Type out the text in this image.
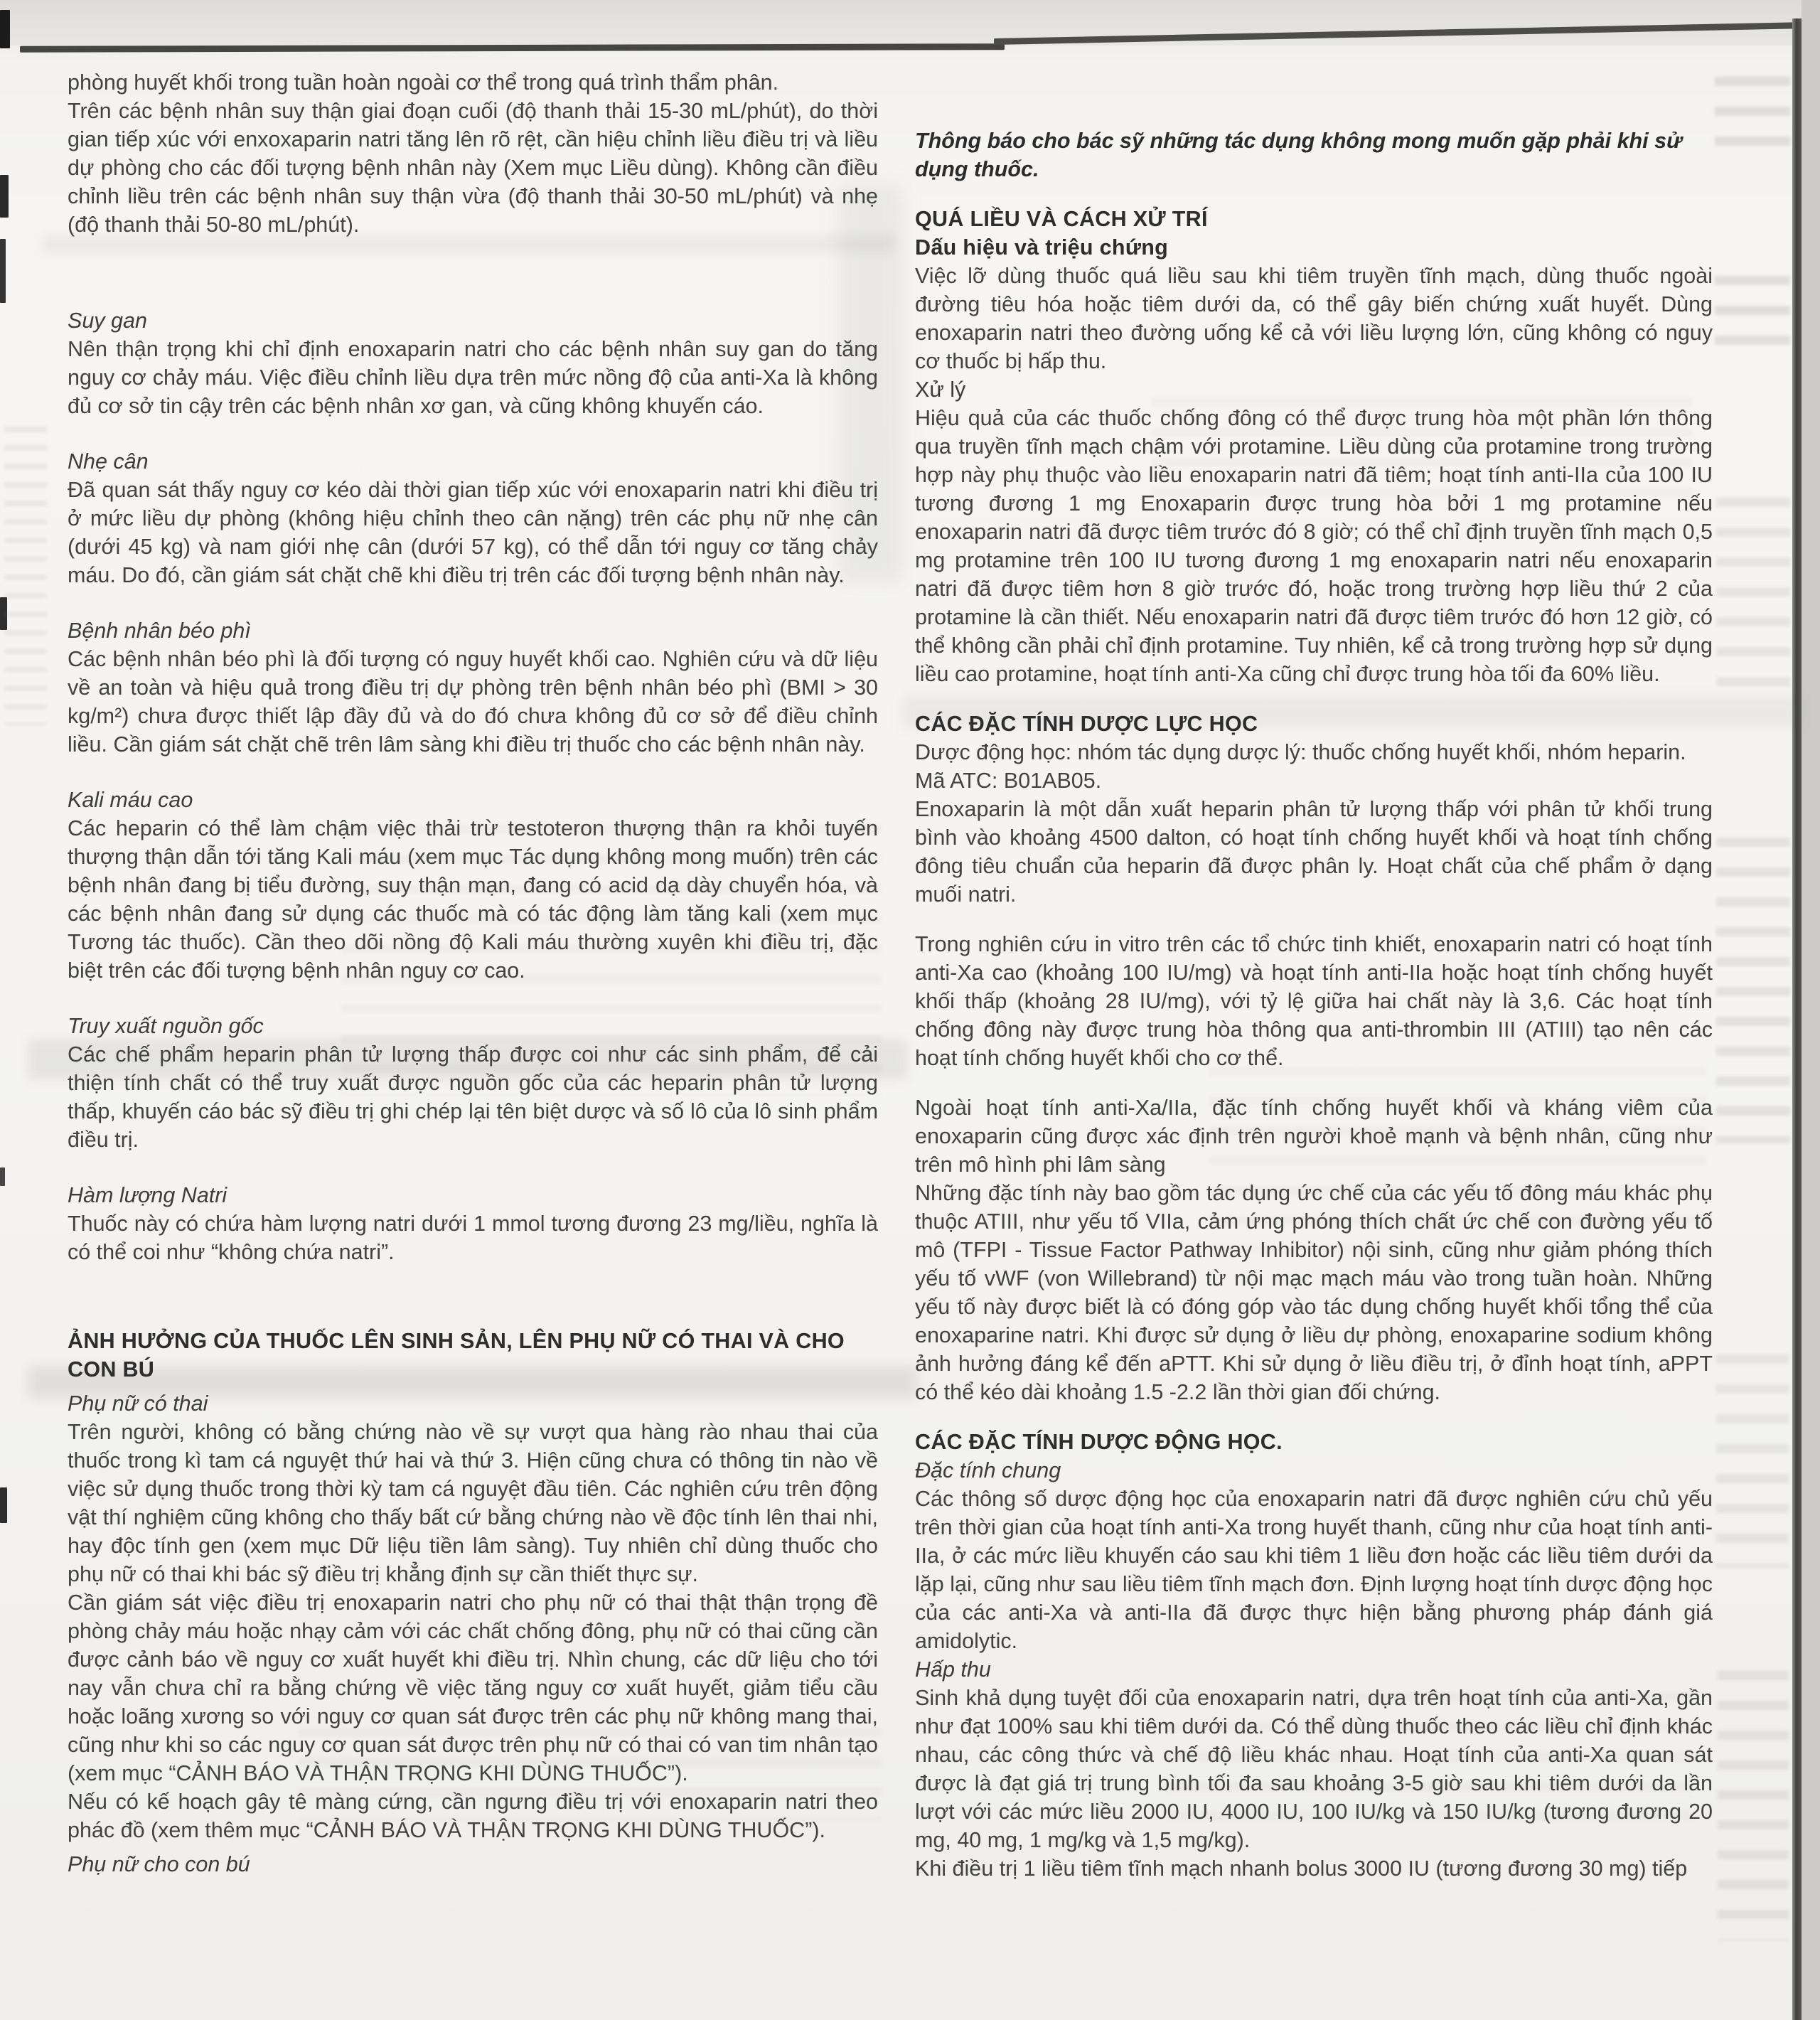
phòng huyết khối trong tuần hoàn ngoài cơ thể trong quá trình thẩm phân.
Trên các bệnh nhân suy thận giai đoạn cuối (độ thanh thải 15-30 mL/phút), do thời gian tiếp xúc với enxoxaparin natri tăng lên rõ rệt, cần hiệu chỉnh liều điều trị và liều dự phòng cho các đối tượng bệnh nhân này (Xem mục Liều dùng). Không cần điều chỉnh liều trên các bệnh nhân suy thận vừa (độ thanh thải 30-50 mL/phút) và nhẹ (độ thanh thải 50-80 mL/phút).
Suy gan
Nên thận trọng khi chỉ định enoxaparin natri cho các bệnh nhân suy gan do tăng nguy cơ chảy máu. Việc điều chỉnh liều dựa trên mức nồng độ của anti-Xa là không đủ cơ sở tin cậy trên các bệnh nhân xơ gan, và cũng không khuyến cáo.
Nhẹ cân
Đã quan sát thấy nguy cơ kéo dài thời gian tiếp xúc với enoxaparin natri khi điều trị ở mức liều dự phòng (không hiệu chỉnh theo cân nặng) trên các phụ nữ nhẹ cân (dưới 45 kg) và nam giới nhẹ cân (dưới 57 kg), có thể dẫn tới nguy cơ tăng chảy máu. Do đó, cần giám sát chặt chẽ khi điều trị trên các đối tượng bệnh nhân này.
Bệnh nhân béo phì
Các bệnh nhân béo phì là đối tượng có nguy huyết khối cao. Nghiên cứu và dữ liệu về an toàn và hiệu quả trong điều trị dự phòng trên bệnh nhân béo phì (BMI > 30 kg/m²) chưa được thiết lập đầy đủ và do đó chưa không đủ cơ sở để điều chỉnh liều. Cần giám sát chặt chẽ trên lâm sàng khi điều trị thuốc cho các bệnh nhân này.
Kali máu cao
Các heparin có thể làm chậm việc thải trừ testoteron thượng thận ra khỏi tuyến thượng thận dẫn tới tăng Kali máu (xem mục Tác dụng không mong muốn) trên các bệnh nhân đang bị tiểu đường, suy thận mạn, đang có acid dạ dày chuyển hóa, và các bệnh nhân đang sử dụng các thuốc mà có tác động làm tăng kali (xem mục Tương tác thuốc). Cần theo dõi nồng độ Kali máu thường xuyên khi điều trị, đặc biệt trên các đối tượng bệnh nhân nguy cơ cao.
Truy xuất nguồn gốc
Các chế phẩm heparin phân tử lượng thấp được coi như các sinh phẩm, để cải thiện tính chất có thể truy xuất được nguồn gốc của các heparin phân tử lượng thấp, khuyến cáo bác sỹ điều trị ghi chép lại tên biệt dược và số lô của lô sinh phẩm điều trị.
Hàm lượng Natri
Thuốc này có chứa hàm lượng natri dưới 1 mmol tương đương 23 mg/liều, nghĩa là có thể coi như “không chứa natri”.
ẢNH HƯỞNG CỦA THUỐC LÊN SINH SẢN, LÊN PHỤ NỮ CÓ THAI VÀ CHO CON BÚ
Phụ nữ có thai
Trên người, không có bằng chứng nào về sự vượt qua hàng rào nhau thai của thuốc trong kì tam cá nguyệt thứ hai và thứ 3. Hiện cũng chưa có thông tin nào về việc sử dụng thuốc trong thời kỳ tam cá nguyệt đầu tiên. Các nghiên cứu trên động vật thí nghiệm cũng không cho thấy bất cứ bằng chứng nào về độc tính lên thai nhi, hay độc tính gen (xem mục Dữ liệu tiền lâm sàng). Tuy nhiên chỉ dùng thuốc cho phụ nữ có thai khi bác sỹ điều trị khẳng định sự cần thiết thực sự.
Cần giám sát việc điều trị enoxaparin natri cho phụ nữ có thai thật thận trọng đề phòng chảy máu hoặc nhạy cảm với các chất chống đông, phụ nữ có thai cũng cần được cảnh báo về nguy cơ xuất huyết khi điều trị. Nhìn chung, các dữ liệu cho tới nay vẫn chưa chỉ ra bằng chứng về việc tăng nguy cơ xuất huyết, giảm tiểu cầu hoặc loãng xương so với nguy cơ quan sát được trên các phụ nữ không mang thai, cũng như khi so các nguy cơ quan sát được trên phụ nữ có thai có van tim nhân tạo (xem mục “CẢNH BÁO VÀ THẬN TRỌNG KHI DÙNG THUỐC”).
Nếu có kế hoạch gây tê màng cứng, cần ngưng điều trị với enoxaparin natri theo phác đồ (xem thêm mục “CẢNH BÁO VÀ THẬN TRỌNG KHI DÙNG THUỐC”).
Phụ nữ cho con bú
Thông báo cho bác sỹ những tác dụng không mong muốn gặp phải khi sử dụng thuốc.
QUÁ LIỀU VÀ CÁCH XỬ TRÍ
Dấu hiệu và triệu chứng
Việc lỡ dùng thuốc quá liều sau khi tiêm truyền tĩnh mạch, dùng thuốc ngoài đường tiêu hóa hoặc tiêm dưới da, có thể gây biến chứng xuất huyết. Dùng enoxaparin natri theo đường uống kể cả với liều lượng lớn, cũng không có nguy cơ thuốc bị hấp thu.
Xử lý
Hiệu quả của các thuốc chống đông có thể được trung hòa một phần lớn thông qua truyền tĩnh mạch chậm với protamine. Liều dùng của protamine trong trường hợp này phụ thuộc vào liều enoxaparin natri đã tiêm; hoạt tính anti-IIa của 100 IU tương đương 1 mg Enoxaparin được trung hòa bởi 1 mg protamine nếu enoxaparin natri đã được tiêm trước đó 8 giờ; có thể chỉ định truyền tĩnh mạch 0,5 mg protamine trên 100 IU tương đương 1 mg enoxaparin natri nếu enoxaparin natri đã được tiêm hơn 8 giờ trước đó, hoặc trong trường hợp liều thứ 2 của protamine là cần thiết. Nếu enoxaparin natri đã được tiêm trước đó hơn 12 giờ, có thể không cần phải chỉ định protamine. Tuy nhiên, kể cả trong trường hợp sử dụng liều cao protamine, hoạt tính anti-Xa cũng chỉ được trung hòa tối đa 60% liều.
CÁC ĐẶC TÍNH DƯỢC LỰC HỌC
Dược động học: nhóm tác dụng dược lý: thuốc chống huyết khối, nhóm heparin.
Mã ATC: B01AB05.
Enoxaparin là một dẫn xuất heparin phân tử lượng thấp với phân tử khối trung bình vào khoảng 4500 dalton, có hoạt tính chống huyết khối và hoạt tính chống đông tiêu chuẩn của heparin đã được phân ly. Hoạt chất của chế phẩm ở dạng muối natri.
Trong nghiên cứu in vitro trên các tổ chức tinh khiết, enoxaparin natri có hoạt tính anti-Xa cao (khoảng 100 IU/mg) và hoạt tính anti-IIa hoặc hoạt tính chống huyết khối thấp (khoảng 28 IU/mg), với tỷ lệ giữa hai chất này là 3,6. Các hoạt tính chống đông này được trung hòa thông qua anti-thrombin III (ATIII) tạo nên các hoạt tính chống huyết khối cho cơ thể.
Ngoài hoạt tính anti-Xa/IIa, đặc tính chống huyết khối và kháng viêm của enoxaparin cũng được xác định trên người khoẻ mạnh và bệnh nhân, cũng như trên mô hình phi lâm sàng
Những đặc tính này bao gồm tác dụng ức chế của các yếu tố đông máu khác phụ thuộc ATIII, như yếu tố VIIa, cảm ứng phóng thích chất ức chế con đường yếu tố mô (TFPI - Tissue Factor Pathway Inhibitor) nội sinh, cũng như giảm phóng thích yếu tố vWF (von Willebrand) từ nội mạc mạch máu vào trong tuần hoàn. Những yếu tố này được biết là có đóng góp vào tác dụng chống huyết khối tổng thể của enoxaparine natri. Khi được sử dụng ở liều dự phòng, enoxaparine sodium không ảnh hưởng đáng kể đến aPTT. Khi sử dụng ở liều điều trị, ở đỉnh hoạt tính, aPPT có thể kéo dài khoảng 1.5 -2.2 lần thời gian đối chứng.
CÁC ĐẶC TÍNH DƯỢC ĐỘNG HỌC.
Đặc tính chung
Các thông số dược động học của enoxaparin natri đã được nghiên cứu chủ yếu trên thời gian của hoạt tính anti-Xa trong huyết thanh, cũng như của hoạt tính anti-IIa, ở các mức liều khuyến cáo sau khi tiêm 1 liều đơn hoặc các liều tiêm dưới da lặp lại, cũng như sau liều tiêm tĩnh mạch đơn. Định lượng hoạt tính dược động học của các anti-Xa và anti-IIa đã được thực hiện bằng phương pháp đánh giá amidolytic.
Hấp thu
Sinh khả dụng tuyệt đối của enoxaparin natri, dựa trên hoạt tính của anti-Xa, gần như đạt 100% sau khi tiêm dưới da. Có thể dùng thuốc theo các liều chỉ định khác nhau, các công thức và chế độ liều khác nhau. Hoạt tính của anti-Xa quan sát được là đạt giá trị trung bình tối đa sau khoảng 3-5 giờ sau khi tiêm dưới da lần lượt với các mức liều 2000 IU, 4000 IU, 100 IU/kg và 150 IU/kg (tương đương 20 mg, 40 mg, 1 mg/kg và 1,5 mg/kg).
Khi điều trị 1 liều tiêm tĩnh mạch nhanh bolus 3000 IU (tương đương 30 mg) tiếp
